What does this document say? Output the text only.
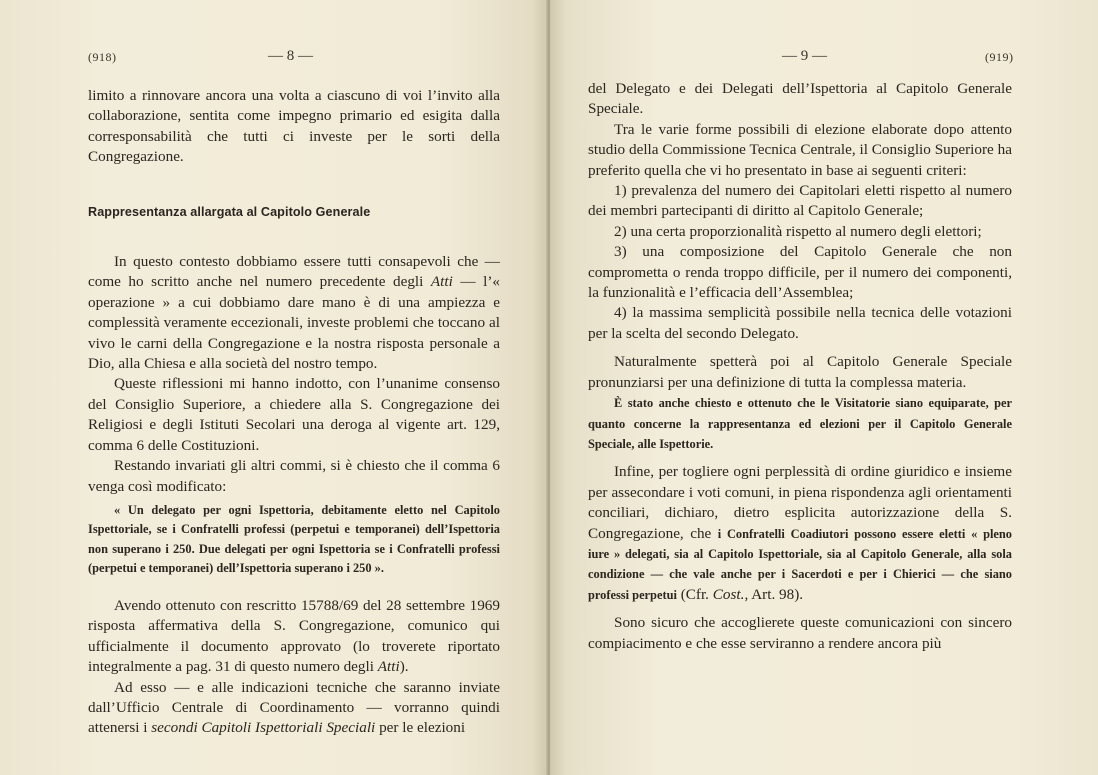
(918)	— 8 —

limito a rinnovare ancora una volta a ciascuno di voi l’invito alla collaborazione, sentita come impegno primario ed esigita dalla corresponsabilità che tutti ci investe per le sorti della Congregazione.

Rappresentanza allargata al Capitolo Generale

In questo contesto dobbiamo essere tutti consapevoli che — come ho scritto anche nel numero precedente degli Atti — l’« operazione » a cui dobbiamo dare mano è di una ampiezza e complessità veramente eccezionali, investe problemi che toccano al vivo le carni della Congregazione e la nostra risposta personale a Dio, alla Chiesa e alla società del nostro tempo.

Queste riflessioni mi hanno indotto, con l’unanime consenso del Consiglio Superiore, a chiedere alla S. Congregazione dei Religiosi e degli Istituti Secolari una deroga al vigente art. 129, comma 6 delle Costituzioni.

Restando invariati gli altri commi, si è chiesto che il comma 6 venga così modificato:

« Un delegato per ogni Ispettoria, debitamente eletto nel Capitolo Ispettoriale, se i Confratelli professi (perpetui e temporanei) dell’Ispettoria non superano i 250. Due delegati per ogni Ispettoria se i Confratelli professi (perpetui e temporanei) dell’Ispettoria superano i 250 ».

Avendo ottenuto con rescritto 15788/69 del 28 settembre 1969 risposta affermativa della S. Congregazione, comunico qui ufficialmente il documento approvato (lo troverete riportato integralmente a pag. 31 di questo numero degli Atti).

Ad esso — e alle indicazioni tecniche che saranno inviate dall’Ufficio Centrale di Coordinamento — vorranno quindi attenersi i secondi Capitoli Ispettoriali Speciali per le elezioni

— 9 —	(919)

del Delegato e dei Delegati dell’Ispettoria al Capitolo Generale Speciale.

Tra le varie forme possibili di elezione elaborate dopo attento studio della Commissione Tecnica Centrale, il Consiglio Superiore ha preferito quella che vi ho presentato in base ai seguenti criteri:

1) prevalenza del numero dei Capitolari eletti rispetto al numero dei membri partecipanti di diritto al Capitolo Generale;

2) una certa proporzionalità rispetto al numero degli elettori;

3) una composizione del Capitolo Generale che non comprometta o renda troppo difficile, per il numero dei componenti, la funzionalità e l’efficacia dell’Assemblea;

4) la massima semplicità possibile nella tecnica delle votazioni per la scelta del secondo Delegato.

Naturalmente spetterà poi al Capitolo Generale Speciale pronunziarsi per una definizione di tutta la complessa materia.

È stato anche chiesto e ottenuto che le Visitatorie siano equiparate, per quanto concerne la rappresentanza ed elezioni per il Capitolo Generale Speciale, alle Ispettorie.

Infine, per togliere ogni perplessità di ordine giuridico e insieme per assecondare i voti comuni, in piena rispondenza agli orientamenti conciliari, dichiaro, dietro esplicita autorizzazione della S. Congregazione, che i Confratelli Coadiutori possono essere eletti « pleno iure » delegati, sia al Capitolo Ispettoriale, sia al Capitolo Generale, alla sola condizione — che vale anche per i Sacerdoti e per i Chierici — che siano professi perpetui (Cfr. Cost., Art. 98).

Sono sicuro che accoglierete queste comunicazioni con sincero compiacimento e che esse serviranno a rendere ancora più
